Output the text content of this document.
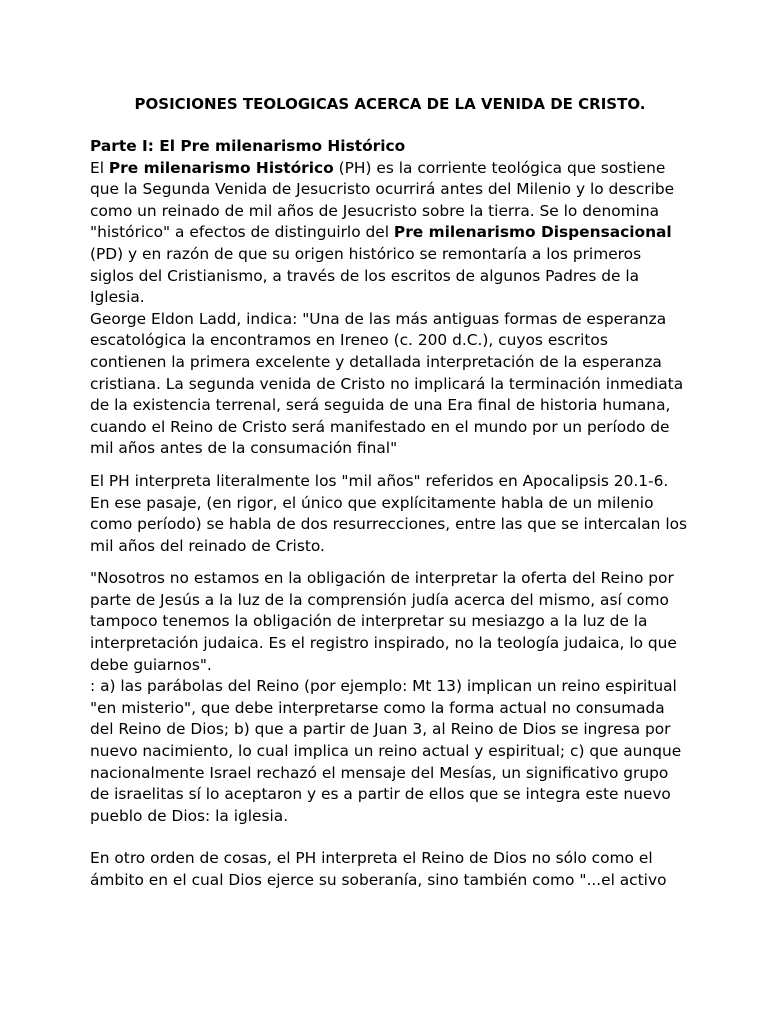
POSICIONES TEOLOGICAS ACERCA DE LA VENIDA DE CRISTO.

Parte I: El Pre milenarismo Histórico

El Pre milenarismo Histórico (PH) es la corriente teológica que sostiene
que la Segunda Venida de Jesucristo ocurrirá antes del Milenio y lo describe
como un reinado de mil años de Jesucristo sobre la tierra. Se lo denomina
"histórico" a efectos de distinguirlo del Pre milenarismo Dispensacional
(PD) y en razón de que su origen histórico se remontaría a los primeros
siglos del Cristianismo, a través de los escritos de algunos Padres de la
Iglesia.
George Eldon Ladd, indica: "Una de las más antiguas formas de esperanza
escatológica la encontramos en Ireneo (c. 200 d.C.), cuyos escritos
contienen la primera excelente y detallada interpretación de la esperanza
cristiana. La segunda venida de Cristo no implicará la terminación inmediata
de la existencia terrenal, será seguida de una Era final de historia humana,
cuando el Reino de Cristo será manifestado en el mundo por un período de
mil años antes de la consumación final"

El PH interpreta literalmente los "mil años" referidos en Apocalipsis 20.1-6.
En ese pasaje, (en rigor, el único que explícitamente habla de un milenio
como período) se habla de dos resurrecciones, entre las que se intercalan los
mil años del reinado de Cristo.

"Nosotros no estamos en la obligación de interpretar la oferta del Reino por
parte de Jesús a la luz de la comprensión judía acerca del mismo, así como
tampoco tenemos la obligación de interpretar su mesiazgo a la luz de la
interpretación judaica. Es el registro inspirado, no la teología judaica, lo que
debe guiarnos".
: a) las parábolas del Reino (por ejemplo: Mt 13) implican un reino espiritual
"en misterio", que debe interpretarse como la forma actual no consumada
del Reino de Dios; b) que a partir de Juan 3, al Reino de Dios se ingresa por
nuevo nacimiento, lo cual implica un reino actual y espiritual; c) que aunque
nacionalmente Israel rechazó el mensaje del Mesías, un significativo grupo
de israelitas sí lo aceptaron y es a partir de ellos que se integra este nuevo
pueblo de Dios: la iglesia.

En otro orden de cosas, el PH interpreta el Reino de Dios no sólo como el
ámbito en el cual Dios ejerce su soberanía, sino también como "...el activo
